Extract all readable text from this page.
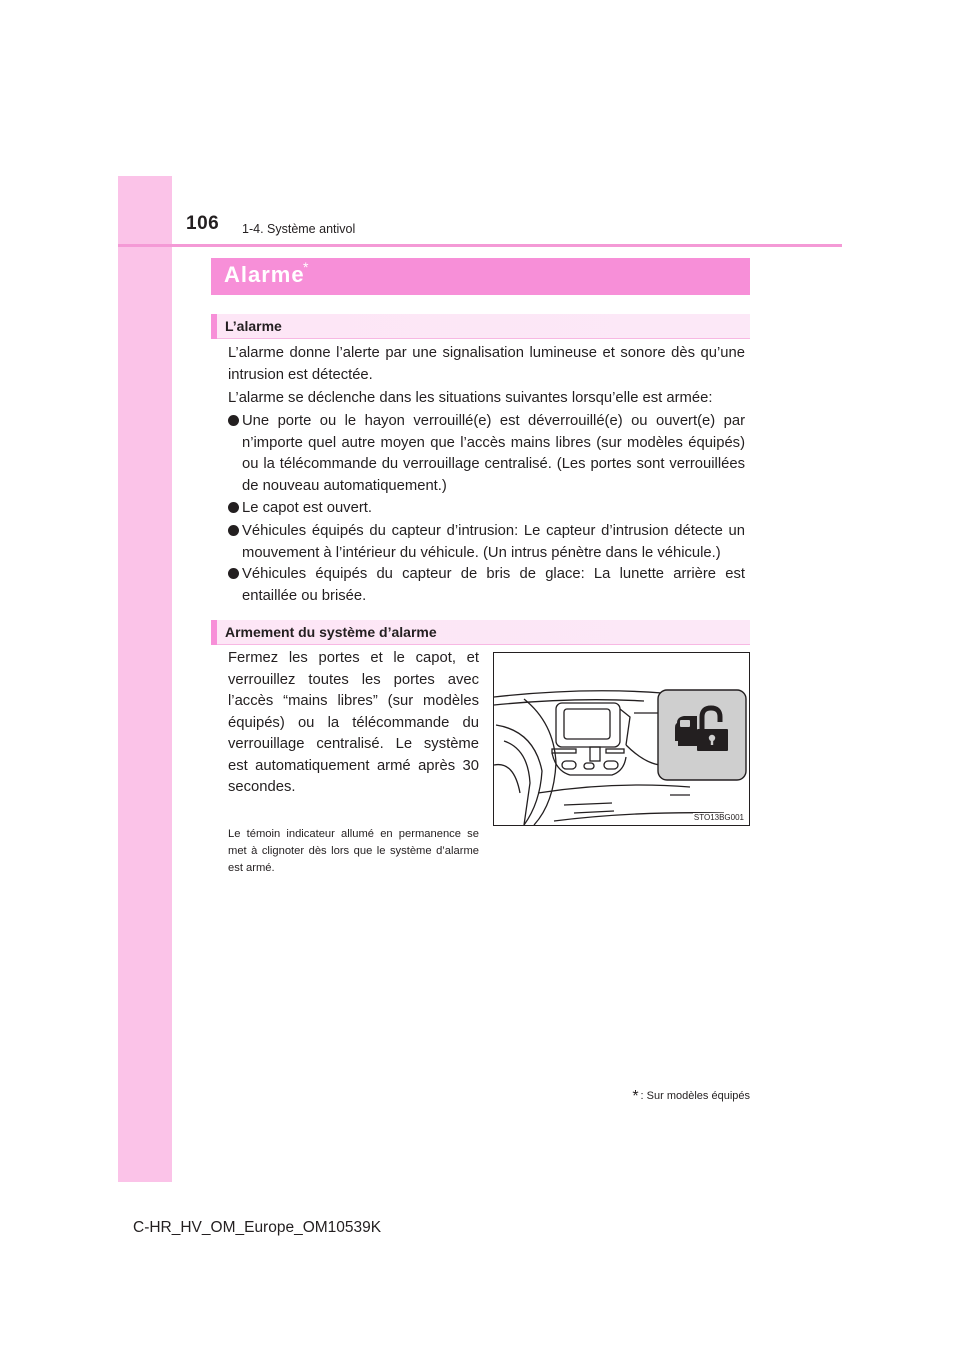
106 1-4. Système antivol
Alarme
*
L’alarme

L’alarme donne l’alerte par une signalisation lumineuse et sonore dès qu’une intrusion est détectée.

L’alarme se déclenche dans les situations suivantes lorsqu’elle est armée:

Une porte ou le hayon verrouillé(e) est déverrouillé(e) ou ouvert(e) par n’importe quel autre moyen que l’accès mains libres (sur modèles équipés) ou la télécommande du verrouillage centralisé. (Les portes sont verrouillées de nouveau automatiquement.)

Le capot est ouvert.

Véhicules équipés du capteur d’intrusion: Le capteur d’intrusion détecte un mouvement à l’intérieur du véhicule. (Un intrus pénètre dans le véhicule.)

Véhicules équipés du capteur de bris de glace: La lunette arrière est entaillée ou brisée.

Armement du système d’alarme

Fermez les portes et le capot, et verrouillez toutes les portes avec l’accès “mains libres” (sur modèles équipés) ou la télécommande du verrouillage centralisé. Le système est automatiquement armé après 30 secondes.

Le témoin indicateur allumé en permanence se met à clignoter dès lors que le système d’alarme est armé.

STO13BG001
* : Sur modèles équipés
C-HR_HV_OM_Europe_OM10539K
